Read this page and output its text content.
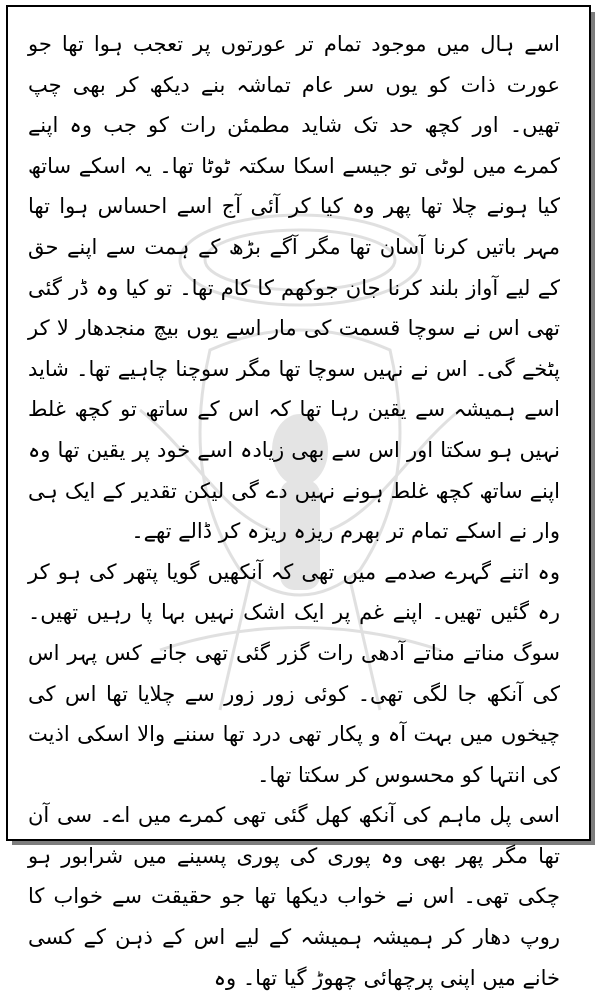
اسے ہال میں موجود تمام تر عورتوں پر تعجب ہوا تھا جو عورت ذات کو یوں سر عام تماشہ بنے دیکھ کر بھی چپ تھیں۔ اور کچھ حد تک شاید مطمئن رات کو جب وہ اپنے کمرے میں لوٹی تو جیسے اسکا سکتہ ٹوٹا تھا۔ یہ اسکے ساتھ کیا ہونے چلا تھا پھر وہ کیا کر آئی آج اسے احساس ہوا تھا مہر باتیں کرنا آسان تھا مگر آگے بڑھ کے ہمت سے اپنے حق کے لیے آواز بلند کرنا جان جوکھم کا کام تھا۔ تو کیا وہ ڈر گئی تھی اس نے سوچا قسمت کی مار اسے یوں بیچ منجدھار لا کر پٹخے گی۔ اس نے نہیں سوچا تھا مگر سوچنا چاہیے تھا۔ شاید اسے ہمیشہ سے یقین رہا تھا کہ اس کے ساتھ تو کچھ غلط نہیں ہو سکتا اور اس سے بھی زیادہ اسے خود پر یقین تھا وہ اپنے ساتھ کچھ غلط ہونے نہیں دے گی لیکن تقدیر کے ایک ہی وار نے اسکے تمام تر بھرم ریزہ ریزہ کر ڈالے تھے۔

وہ اتنے گہرے صدمے میں تھی کہ آنکھیں گویا پتھر کی ہو کر رہ گئیں تھیں۔ اپنے غم پر ایک اشک نہیں بہا پا رہیں تھیں۔ سوگ مناتے مناتے آدھی رات گزر گئی تھی جانے کس پہر اس کی آنکھ جا لگی تھی۔ کوئی زور زور سے چلایا تھا اس کی چیخوں میں بہت آہ و پکار تھی درد تھا سننے والا اسکی اذیت کی انتہا کو محسوس کر سکتا تھا۔

اسی پل ماہم کی آنکھ کھل گئی تھی کمرے میں اے۔ سی آن تھا مگر پھر بھی وہ پوری کی پوری پسینے میں شرابور ہو چکی تھی۔ اس نے خواب دیکھا تھا جو حقیقت سے خواب کا روپ دھار کر ہمیشہ ہمیشہ کے لیے اس کے ذہن کے کسی خانے میں اپنی پرچھائی چھوڑ گیا تھا۔ وہ
